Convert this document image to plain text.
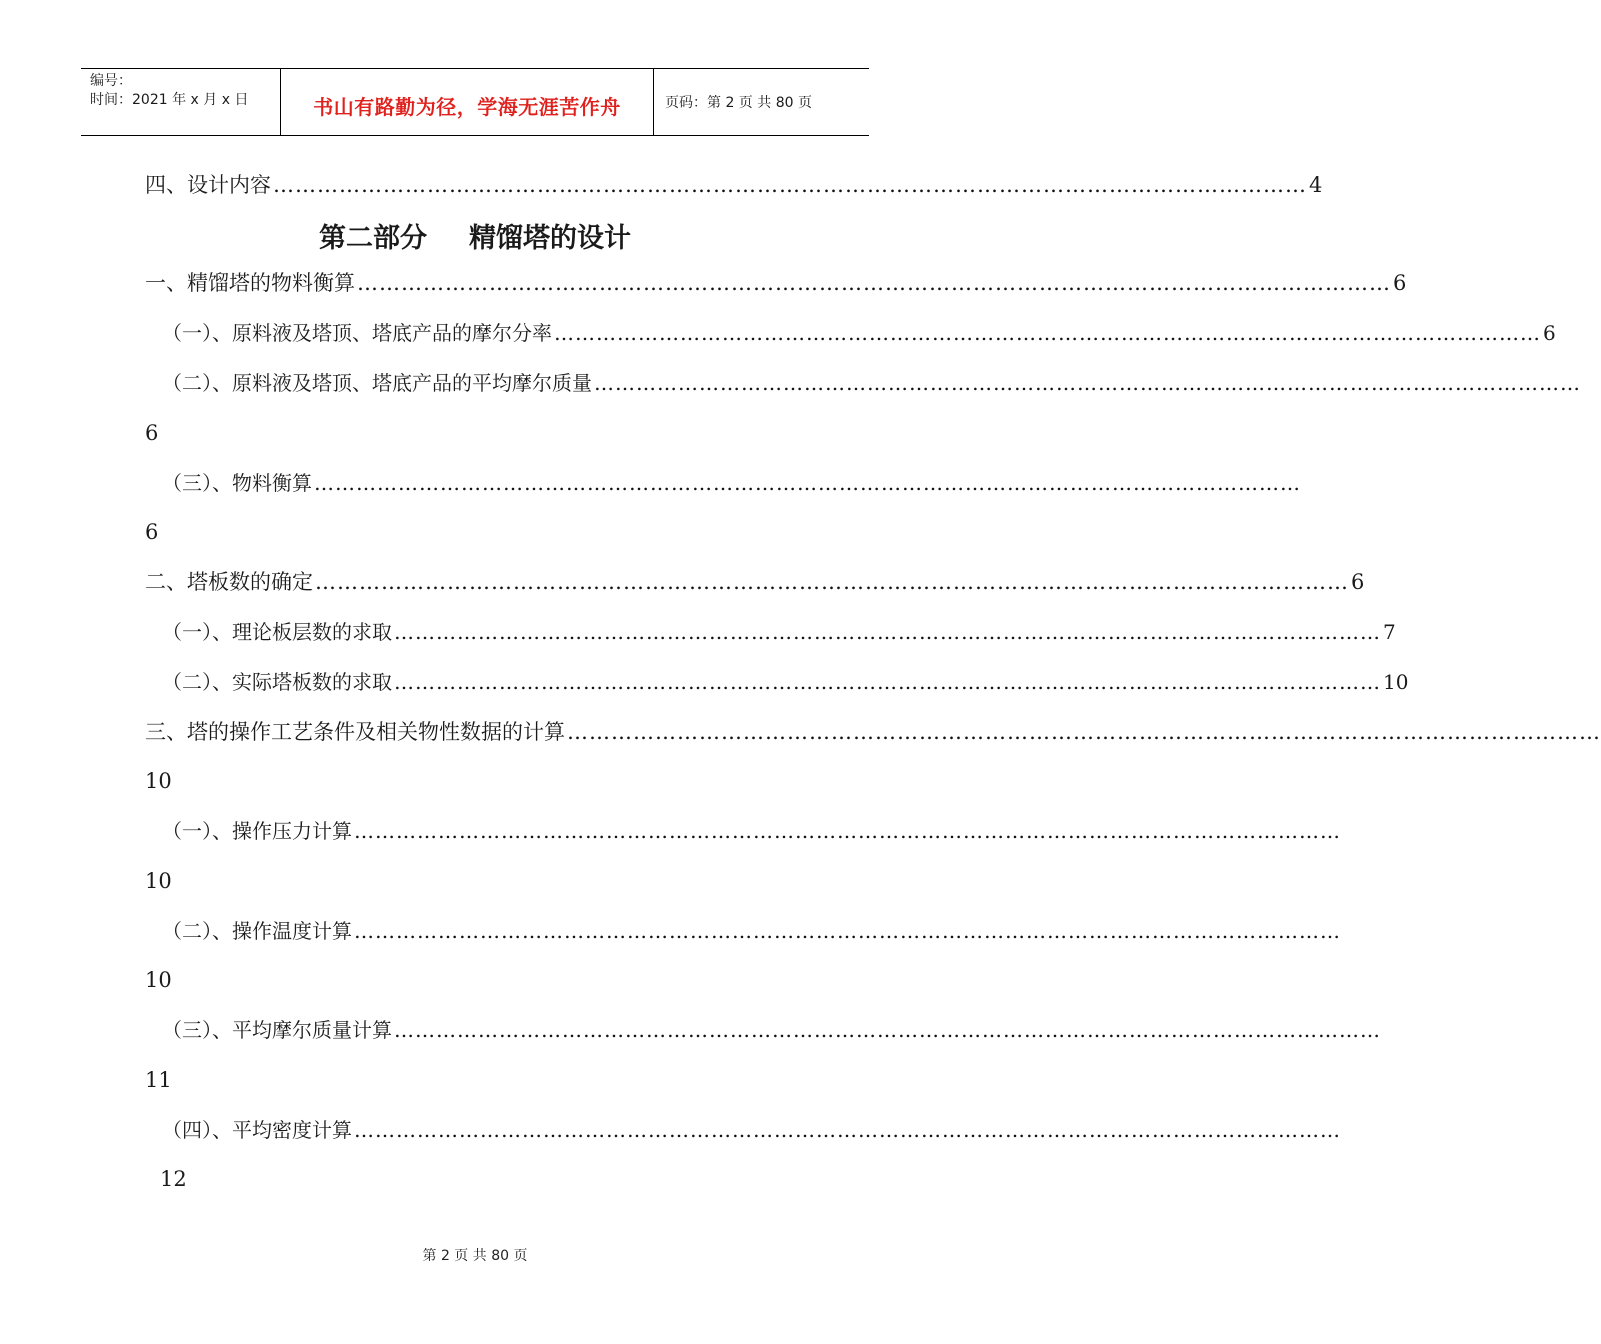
编号：
时间：2021 年 x 月 x 日	书山有路勤为径，学海无涯苦作舟	页码：第 2 页 共 80 页
四、设计内容 …………………………………………………………………………………………………………………………… 4
第二部分 精馏塔的设计
一、精馏塔的物料衡算 …………………………………………………………………………………………………………………………… 6
（一）、原料液及塔顶、塔底产品的摩尔分率 …………………………………………………………………………………………………………………………… 6
（二）、原料液及塔顶、塔底产品的平均摩尔质量 ……………………………………………………………………………………………………………………………
6
（三）、物料衡算 ……………………………………………………………………………………………………………………………
6
二、塔板数的确定 …………………………………………………………………………………………………………………………… 6
（一）、理论板层数的求取 …………………………………………………………………………………………………………………………… 7
（二）、实际塔板数的求取 …………………………………………………………………………………………………………………………… 10
三、塔的操作工艺条件及相关物性数据的计算 ……………………………………………………………………………………………………………………………
10
（一）、操作压力计算 ……………………………………………………………………………………………………………………………
10
（二）、操作温度计算 ……………………………………………………………………………………………………………………………
10
（三）、平均摩尔质量计算 ……………………………………………………………………………………………………………………………
11
（四）、平均密度计算 ……………………………………………………………………………………………………………………………
12
第 2 页 共 80 页
